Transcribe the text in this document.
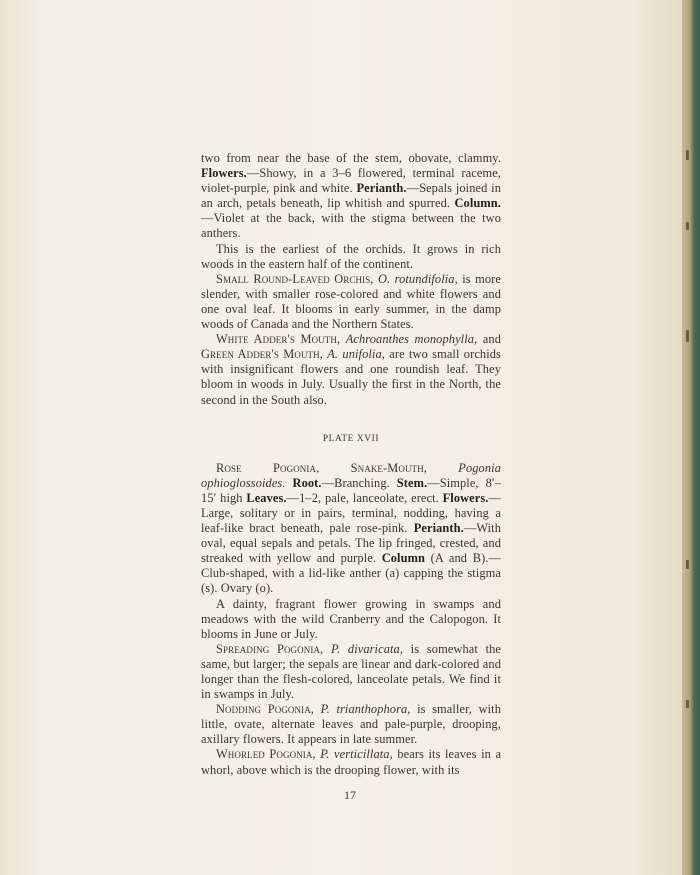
two from near the base of the stem, obovate, clammy. Flowers.—Showy, in a 3–6 flowered, terminal raceme, violet-purple, pink and white. Perianth.—Sepals joined in an arch, petals beneath, lip whitish and spurred. Column.—Violet at the back, with the stigma between the two anthers.

This is the earliest of the orchids. It grows in rich woods in the eastern half of the continent.

Small Round-Leaved Orchis, O. rotundifolia, is more slender, with smaller rose-colored and white flowers and one oval leaf. It blooms in early summer, in the damp woods of Canada and the Northern States.

White Adder's Mouth, Achroanthes monophylla, and Green Adder's Mouth, A. unifolia, are two small orchids with insignificant flowers and one roundish leaf. They bloom in woods in July. Usually the first in the North, the second in the South also.

PLATE XVII

Rose Pogonia, Snake-Mouth,	Pogonia ophioglossoides. Root.—Branching. Stem.—Simple, 8′–15′ high Leaves.—1–2, pale, lanceolate, erect. Flowers.—Large, solitary or in pairs, terminal, nodding, having a leaf-like bract beneath, pale rose-pink. Perianth.—With oval, equal sepals and petals. The lip fringed, crested, and streaked with yellow and purple. Column (A and B).—Club-shaped, with a lid-like anther (a) capping the stigma (s). Ovary (o).

A dainty, fragrant flower growing in swamps and meadows with the wild Cranberry and the Calopogon. It blooms in June or July.

Spreading Pogonia, P. divaricata, is somewhat the same, but larger; the sepals are linear and dark-colored and longer than the flesh-colored, lanceolate petals. We find it in swamps in July.

Nodding Pogonia, P. trianthophora, is smaller, with little, ovate, alternate leaves and pale-purple, drooping, axillary flowers. It appears in late summer.

Whorled Pogonia, P. verticillata, bears its leaves in a whorl, above which is the drooping flower, with its

17
